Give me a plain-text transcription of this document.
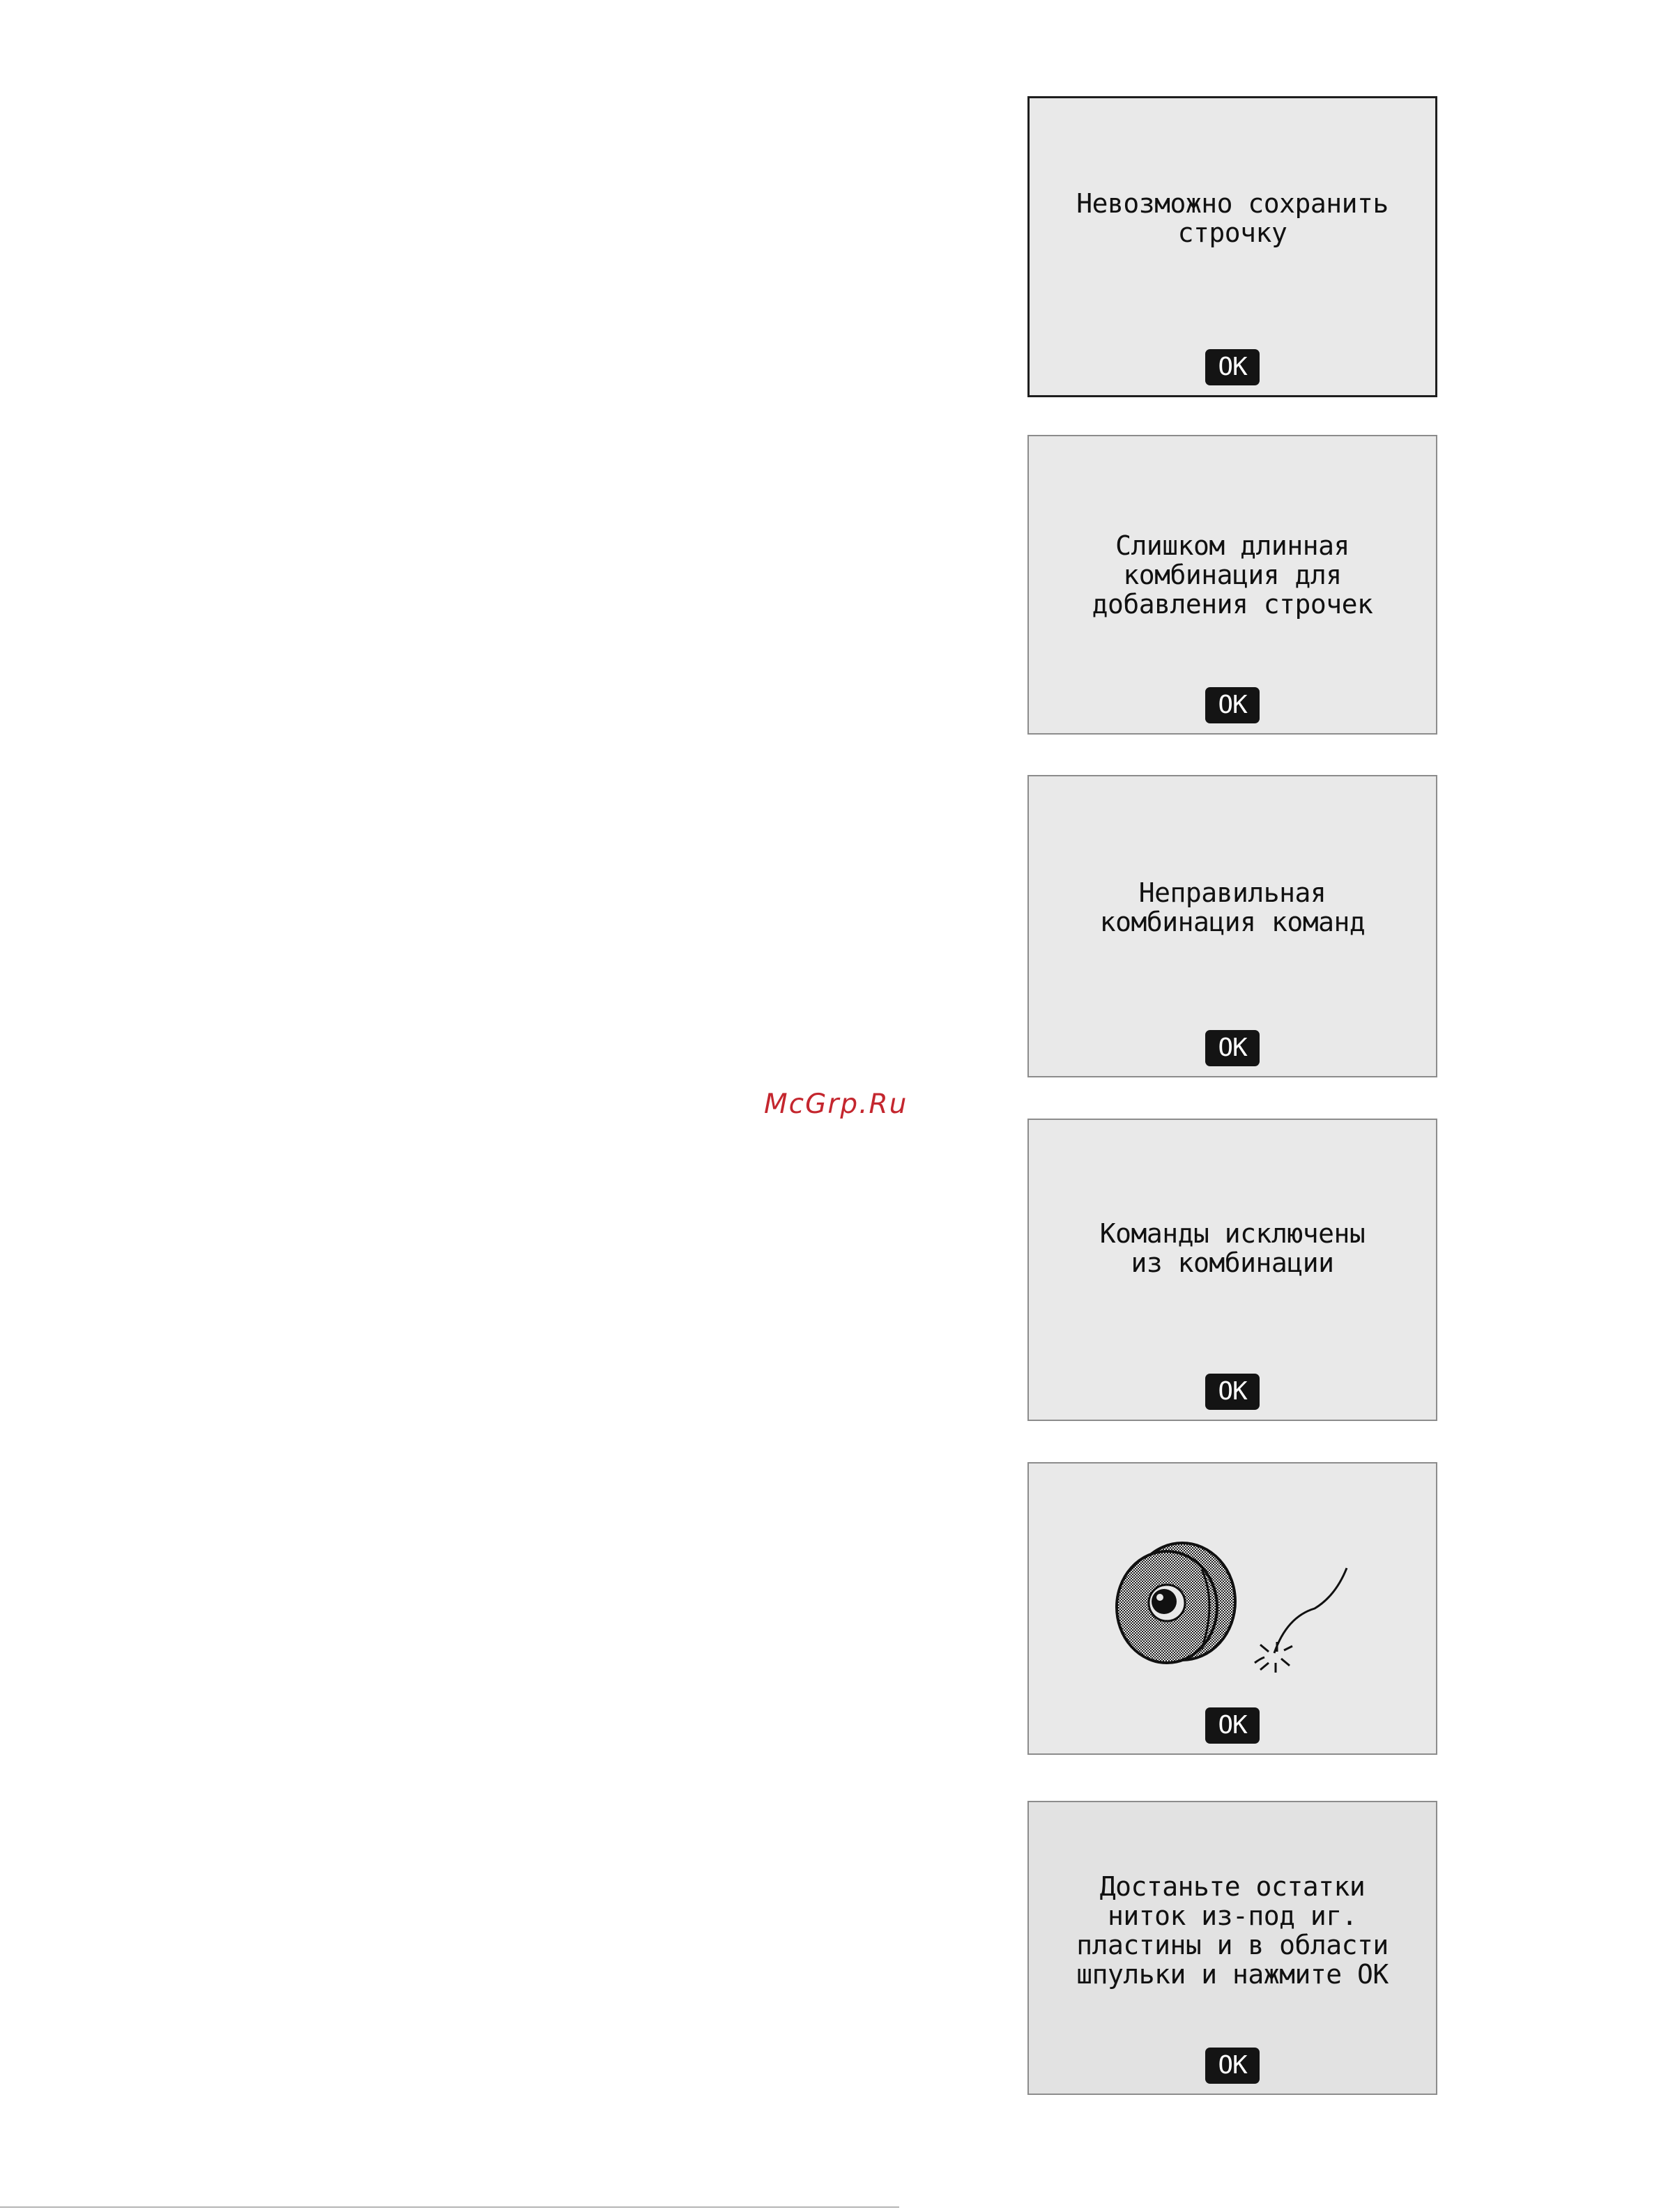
McGrp.Ru
Невозможно сохранить
строчку
OK
Слишком длинная
комбинация для
добавления строчек
OK
Неправильная
комбинация команд
OK
Команды исключены
из комбинации
OK
OK
Достаньте остатки
ниток из-под иг.
пластины и в области
шпульки и нажмите ОК
OK
